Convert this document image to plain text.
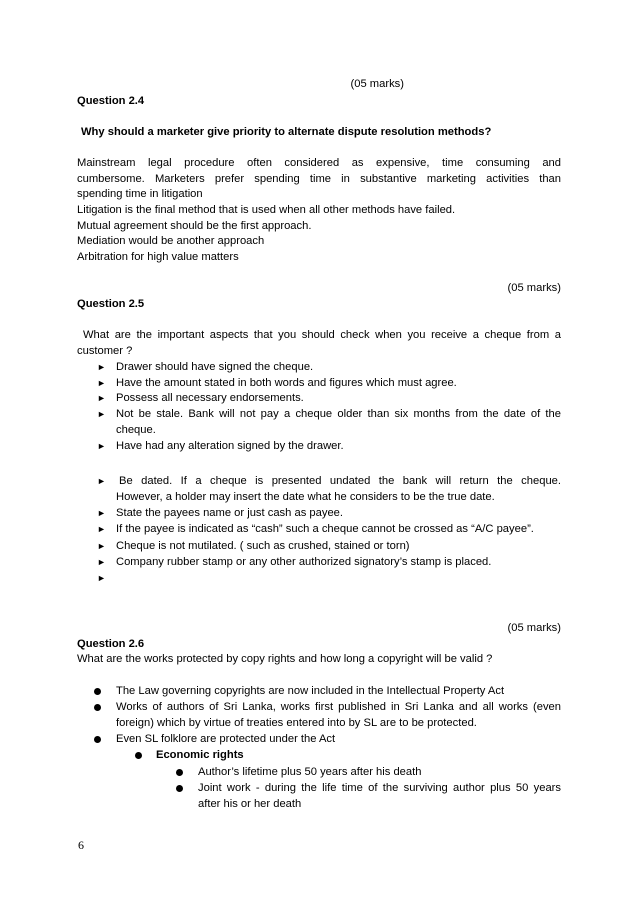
(05 marks)
Question 2.4
Why should a marketer give priority to alternate dispute resolution methods?
Mainstream legal procedure often considered as expensive, time consuming and
cumbersome. Marketers prefer spending time in substantive marketing activities than
spending time in litigation
Litigation is the final method that is used when all other methods have failed.
Mutual agreement should be the first approach.
Mediation would be another approach
Arbitration for high value matters
(05 marks)
Question 2.5
What are the important aspects that you should check when you receive a cheque from a
customer ?
► Drawer should have signed the cheque.
► Have the amount stated in both words and figures which must agree.
► Possess all necessary endorsements.
► Not be stale. Bank will not pay a cheque older than six months from the date of the
cheque.
► Have had any alteration signed by the drawer.
► Be dated. If a cheque is presented undated the bank will return the cheque.
However, a holder may insert the date what he considers to be the true date.
► State the payees name or just cash as payee.
► If the payee is indicated as “cash” such a cheque cannot be crossed as “A/C payee”.
► Cheque is not mutilated. ( such as crushed, stained or torn)
► Company rubber stamp or any other authorized signatory’s stamp is placed.
►
(05 marks)
Question 2.6
What are the works protected by copy rights and how long a copyright will be valid ?
The Law governing copyrights are now included in the Intellectual Property Act
Works of authors of Sri Lanka, works first published in Sri Lanka and all works (even
foreign) which by virtue of treaties entered into by SL are to be protected.
Even SL folklore are protected under the Act
Economic rights
Author’s lifetime plus 50 years after his death
Joint work - during the life time of the surviving author plus 50 years
after his or her death
6
